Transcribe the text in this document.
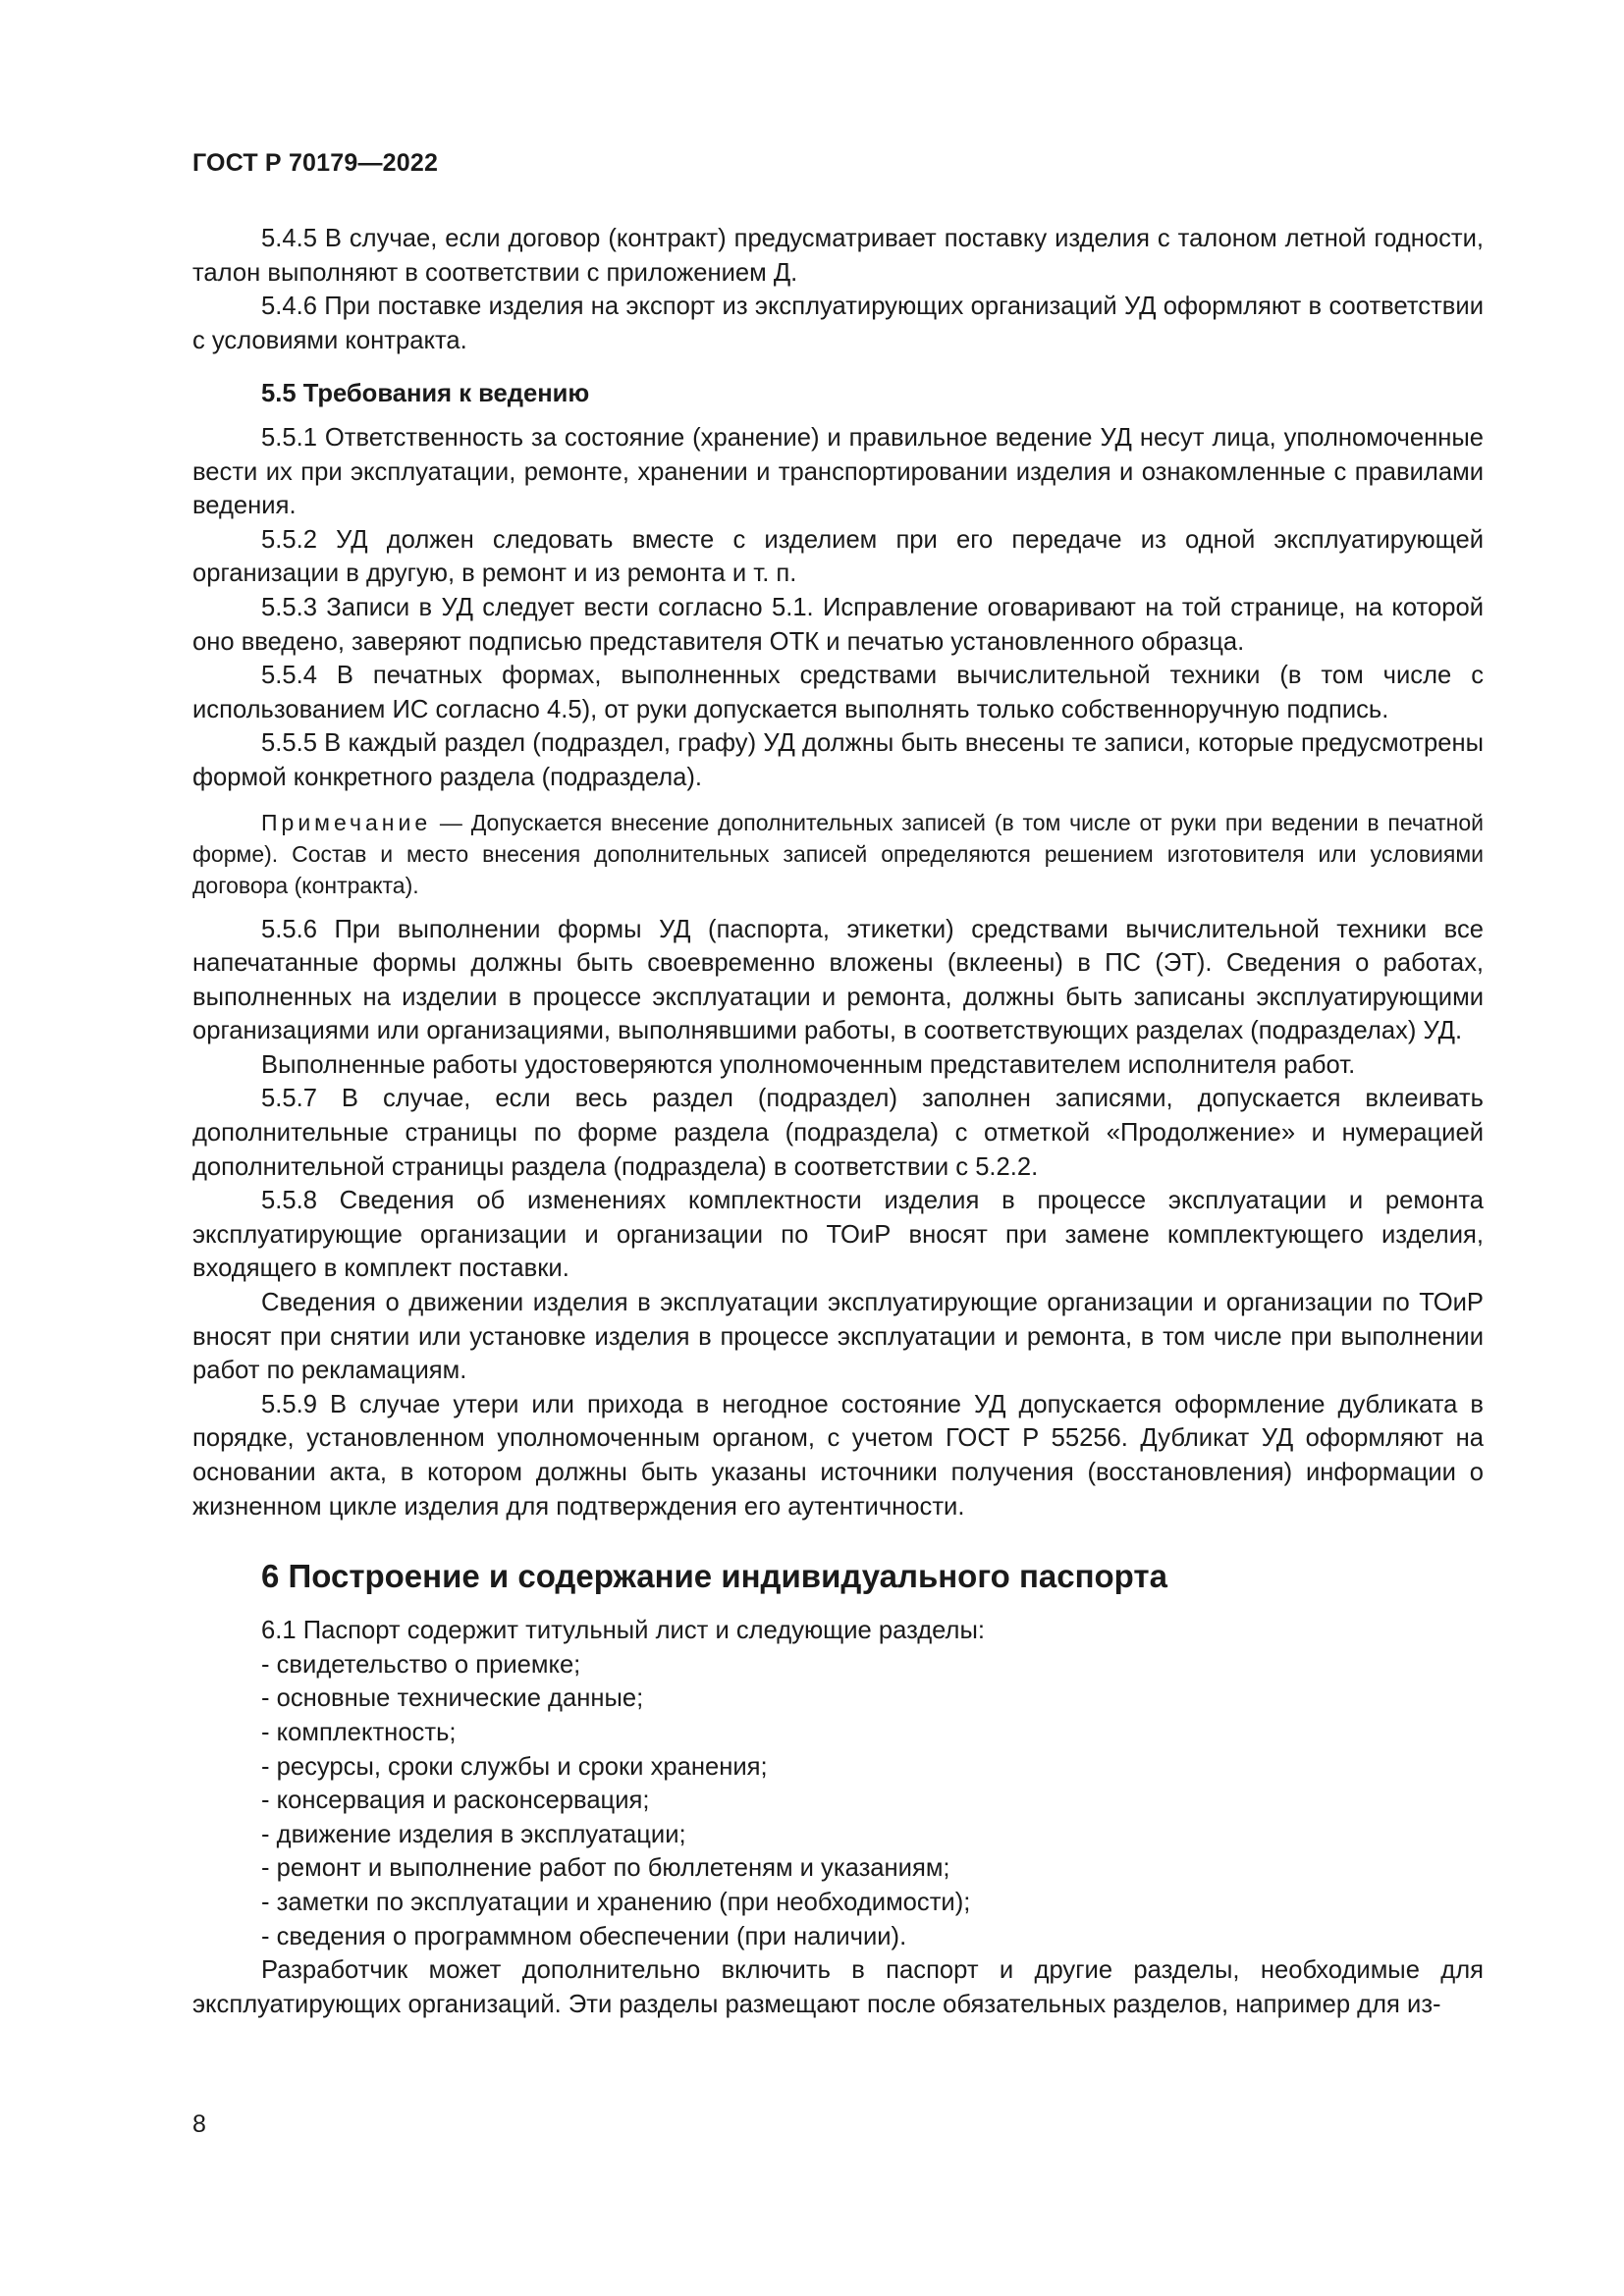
ГОСТ Р 70179—2022

5.4.5 В случае, если договор (контракт) предусматривает поставку изделия с талоном летной годности, талон выполняют в соответствии с приложением Д.

5.4.6 При поставке изделия на экспорт из эксплуатирующих организаций УД оформляют в соответствии с условиями контракта.

5.5 Требования к ведению

5.5.1 Ответственность за состояние (хранение) и правильное ведение УД несут лица, уполномоченные вести их при эксплуатации, ремонте, хранении и транспортировании изделия и ознакомленные с правилами ведения.

5.5.2 УД должен следовать вместе с изделием при его передаче из одной эксплуатирующей организации в другую, в ремонт и из ремонта и т. п.

5.5.3 Записи в УД следует вести согласно 5.1. Исправление оговаривают на той странице, на которой оно введено, заверяют подписью представителя ОТК и печатью установленного образца.

5.5.4 В печатных формах, выполненных средствами вычислительной техники (в том числе с использованием ИС согласно 4.5), от руки допускается выполнять только собственноручную подпись.

5.5.5 В каждый раздел (подраздел, графу) УД должны быть внесены те записи, которые предусмотрены формой конкретного раздела (подраздела).

Примечание — Допускается внесение дополнительных записей (в том числе от руки при ведении в печатной форме). Состав и место внесения дополнительных записей определяются решением изготовителя или условиями договора (контракта).

5.5.6 При выполнении формы УД (паспорта, этикетки) средствами вычислительной техники все напечатанные формы должны быть своевременно вложены (вклеены) в ПС (ЭТ). Сведения о работах, выполненных на изделии в процессе эксплуатации и ремонта, должны быть записаны эксплуатирующими организациями или организациями, выполнявшими работы, в соответствующих разделах (подразделах) УД.

Выполненные работы удостоверяются уполномоченным представителем исполнителя работ.

5.5.7 В случае, если весь раздел (подраздел) заполнен записями, допускается вклеивать дополнительные страницы по форме раздела (подраздела) с отметкой «Продолжение» и нумерацией дополнительной страницы раздела (подраздела) в соответствии с 5.2.2.

5.5.8 Сведения об изменениях комплектности изделия в процессе эксплуатации и ремонта эксплуатирующие организации и организации по ТОиР вносят при замене комплектующего изделия, входящего в комплект поставки.

Сведения о движении изделия в эксплуатации эксплуатирующие организации и организации по ТОиР вносят при снятии или установке изделия в процессе эксплуатации и ремонта, в том числе при выполнении работ по рекламациям.

5.5.9 В случае утери или прихода в негодное состояние УД допускается оформление дубликата в порядке, установленном уполномоченным органом, с учетом ГОСТ Р 55256. Дубликат УД оформляют на основании акта, в котором должны быть указаны источники получения (восстановления) информации о жизненном цикле изделия для подтверждения его аутентичности.

6 Построение и содержание индивидуального паспорта

6.1 Паспорт содержит титульный лист и следующие разделы:

- свидетельство о приемке;
- основные технические данные;
- комплектность;
- ресурсы, сроки службы и сроки хранения;
- консервация и расконсервация;
- движение изделия в эксплуатации;
- ремонт и выполнение работ по бюллетеням и указаниям;
- заметки по эксплуатации и хранению (при необходимости);
- сведения о программном обеспечении (при наличии).

Разработчик может дополнительно включить в паспорт и другие разделы, необходимые для эксплуатирующих организаций. Эти разделы размещают после обязательных разделов, например для из-

8
